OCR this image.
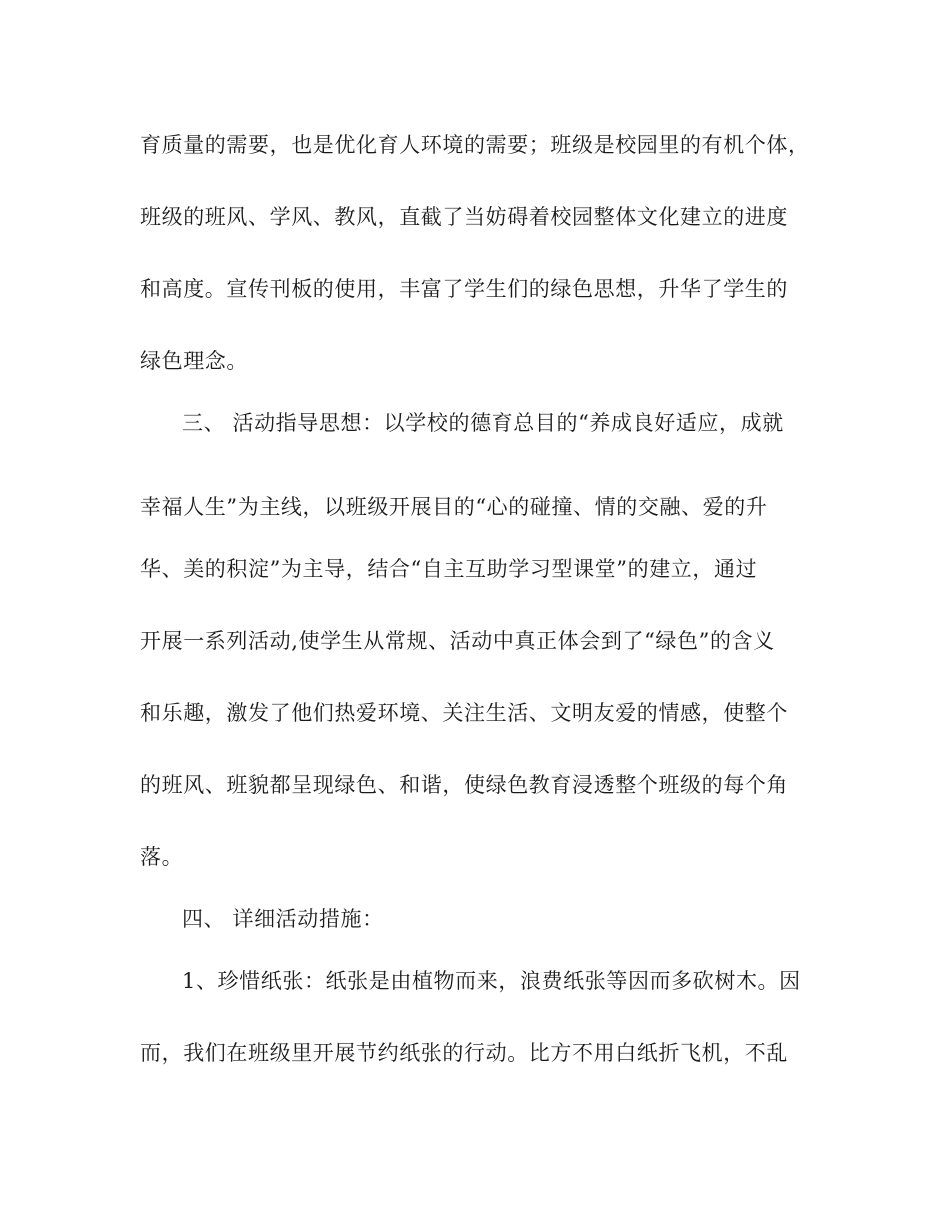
育质量的需要，也是优化育人环境的需要；班级是校园里的有机个体，
班级的班风、学风、教风，直截了当妨碍着校园整体文化建立的进度
和高度。宣传刊板的使用，丰富了学生们的绿色思想，升华了学生的
绿色理念。
三、 活动指导思想：以学校的德育总目的“养成良好适应，成就
幸福人生”为主线，以班级开展目的“心的碰撞、情的交融、爱的升
华、美的积淀”为主导，结合“自主互助学习型课堂”的建立，通过
开展一系列活动,使学生从常规、活动中真正体会到了“绿色”的含义
和乐趣，激发了他们热爱环境、关注生活、文明友爱的情感，使整个
的班风、班貌都呈现绿色、和谐，使绿色教育浸透整个班级的每个角
落。
四、 详细活动措施：
1、珍惜纸张：纸张是由植物而来，浪费纸张等因而多砍树木。因
而，我们在班级里开展节约纸张的行动。比方不用白纸折飞机，不乱
